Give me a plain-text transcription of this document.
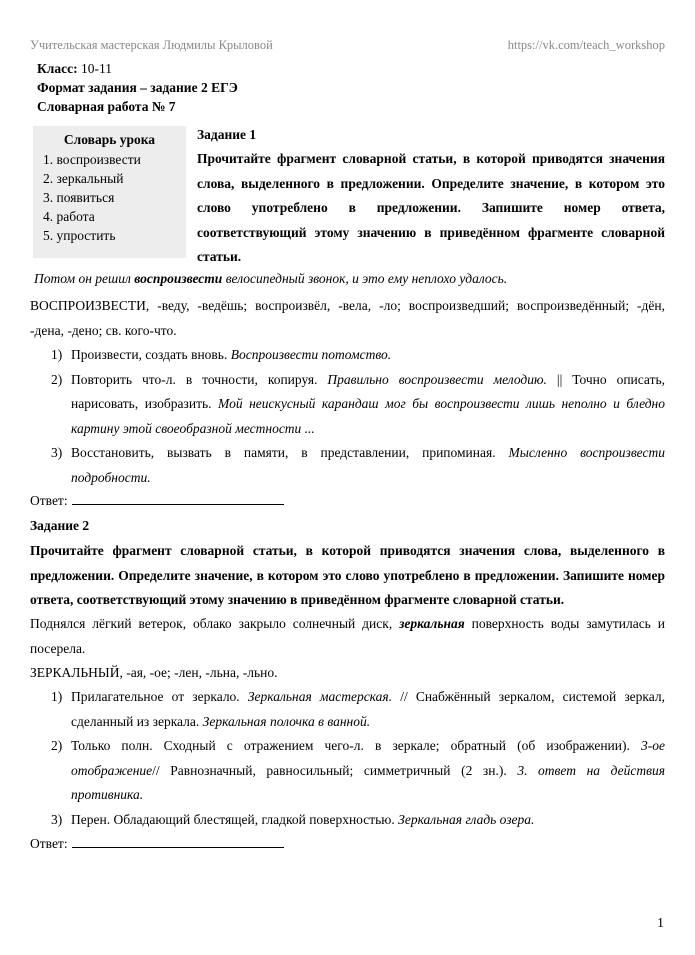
Учительская мастерская Людмилы Крыловой	https://vk.com/teach_workshop
Класс: 10-11
Формат задания – задание 2 ЕГЭ
Словарная работа № 7
Словарь урока
1. воспроизвести
2. зеркальный
3. появиться
4. работа
5. упростить
Задание 1
Прочитайте фрагмент словарной статьи, в которой приводятся значения слова, выделенного в предложении. Определите значение, в котором это слово употреблено в предложении. Запишите номер ответа, соответствующий этому значению в приведённом фрагменте словарной статьи.
Потом он решил воспроизвести велосипедный звонок, и это ему неплохо удалось.
ВОСПРОИЗВЕСТИ, -веду, -ведёшь; воспроизвёл, -вела, -ло; воспроизведший; воспроизведённый; -дён, -дена, -дено; св. кого-что.
1) Произвести, создать вновь. Воспроизвести потомство.
2) Повторить что-л. в точности, копируя. Правильно воспроизвести мелодию. || Точно описать, нарисовать, изобразить. Мой неискусный карандаш мог бы воспроизвести лишь неполно и бледно картину этой своеобразной местности ...
3) Восстановить, вызвать в памяти, в представлении, припоминая. Мысленно воспроизвести подробности.
Ответ:
Задание 2
Прочитайте фрагмент словарной статьи, в которой приводятся значения слова, выделенного в предложении. Определите значение, в котором это слово употреблено в предложении. Запишите номер ответа, соответствующий этому значению в приведённом фрагменте словарной статьи.
Поднялся лёгкий ветерок, облако закрыло солнечный диск, зеркальная поверхность воды замутилась и посерела.
ЗЕРКАЛЬНЫЙ, -ая, -ое; -лен, -льна, -льно.
1) Прилагательное от зеркало. Зеркальная мастерская. // Снабжённый зеркалом, системой зеркал, сделанный из зеркала. Зеркальная полочка в ванной.
2) Только полн. Сходный с отражением чего-л. в зеркале; обратный (об изображении). 3-ое отображение// Равнозначный, равносильный; симметричный (2 зн.). 3. ответ на действия противника.
3) Перен. Обладающий блестящей, гладкой поверхностью. Зеркальная гладь озера.
Ответ:
1
